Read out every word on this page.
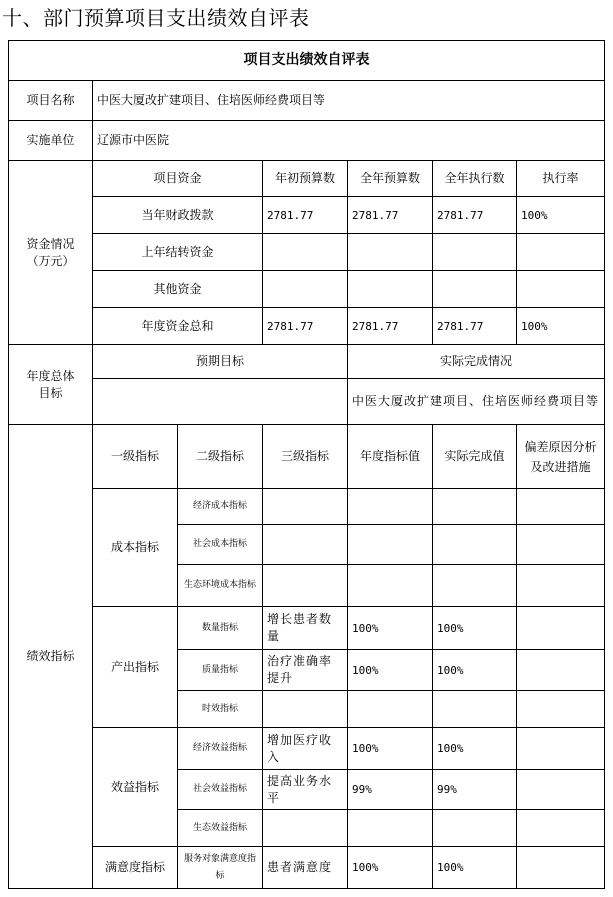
十、部门预算项目支出绩效自评表
项目支出绩效自评表						
项目名称	中医大厦改扩建项目、住培医师经费项目等					
实施单位	辽源市中医院					

资金情况
（万元）	项目资金		年初预算数	全年预算数	全年执行数	执行率
	当年财政拨款		2781.77	2781.77	2781.77	100%
	上年结转资金					
	其他资金					
	年度资金总和		2781.77	2781.77	2781.77	100%

年度总体
目标	预期目标			实际完成情况		
				中医大厦改扩建项目、住培医师经费项目等		
绩效指标	一级指标	二级指标	三级指标	年度指标值	实际完成值	偏差原因分析及改进措施
	成本指标	经济成本指标				
		社会成本指标				
		生态环境成本指标				
	产出指标	数量指标	增长患者数量	100%	100%	
		质量指标	治疗准确率提升	100%	100%	
		时效指标				
	效益指标	经济效益指标	增加医疗收入	100%	100%	
		社会效益指标	提高业务水平	99%	99%	
		生态效益指标				
	满意度指标	服务对象满意度指标	患者满意度	100%	100%	
